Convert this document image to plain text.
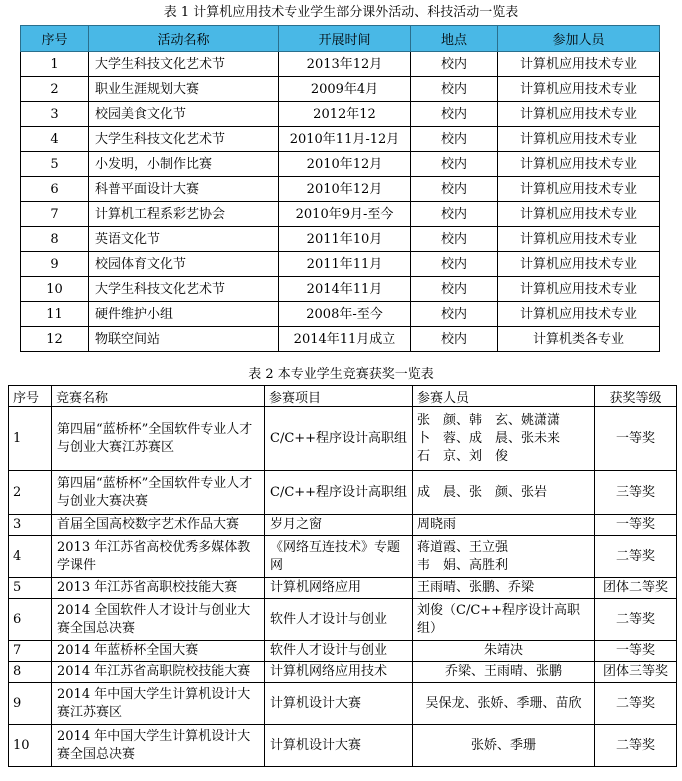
表 1 计算机应用技术专业学生部分课外活动、科技活动一览表
序号	活动名称	开展时间	地点	参加人员
1	大学生科技文化艺术节	2013年12月	校内	计算机应用技术专业
2	职业生涯规划大赛	2009年4月	校内	计算机应用技术专业
3	校园美食文化节	2012年12	校内	计算机应用技术专业
4	大学生科技文化艺术节	2010年11月-12月	校内	计算机应用技术专业
5	小发明，小制作比赛	2010年12月	校内	计算机应用技术专业
6	科普平面设计大赛	2010年12月	校内	计算机应用技术专业
7	计算机工程系彩艺协会	2010年9月-至今	校内	计算机应用技术专业
8	英语文化节	2011年10月	校内	计算机应用技术专业
9	校园体育文化节	2011年11月	校内	计算机应用技术专业
10	大学生科技文化艺术节	2014年11月	校内	计算机应用技术专业
11	硬件维护小组	2008年-至今	校内	计算机应用技术专业
12	物联空间站	2014年11月成立	校内	计算机类各专业
表 2 本专业学生竞赛获奖一览表
序号	竞赛名称	参赛项目	参赛人员	获奖等级
1	第四届“蓝桥杯”全国软件专业人才与创业大赛江苏赛区	C/C++程序设计高职组	张　颜、韩　玄、姚潇潇
卜　蓉、成　晨、张未来
石　京、刘　俊	一等奖
2	第四届“蓝桥杯”全国软件专业人才与创业大赛决赛	C/C++程序设计高职组	成　晨、张　颜、张岩	三等奖
3	首届全国高校数字艺术作品大赛	岁月之窗	周晓雨	一等奖
4	2013 年江苏省高校优秀多媒体教学课件	《网络互连技术》专题网	蒋道霞、王立强
韦　娟、高胜利	二等奖
5	2013 年江苏省高职校技能大赛	计算机网络应用	王雨晴、张鹏、乔梁	团体二等奖
6	2014 全国软件人才设计与创业大赛全国总决赛	软件人才设计与创业	刘俊（C/C++程序设计高职组）	二等奖
7	2014 年蓝桥杯全国大赛	软件人才设计与创业	朱靖决	一等奖
8	2014 年江苏省高职院校技能大赛	计算机网络应用技术	乔梁、王雨晴、张鹏	团体三等奖
9	2014 年中国大学生计算机设计大赛江苏赛区	计算机设计大赛	吴保龙、张娇、季珊、苗欣	二等奖
10	2014 年中国大学生计算机设计大赛全国总决赛	计算机设计大赛	张娇、季珊	二等奖
